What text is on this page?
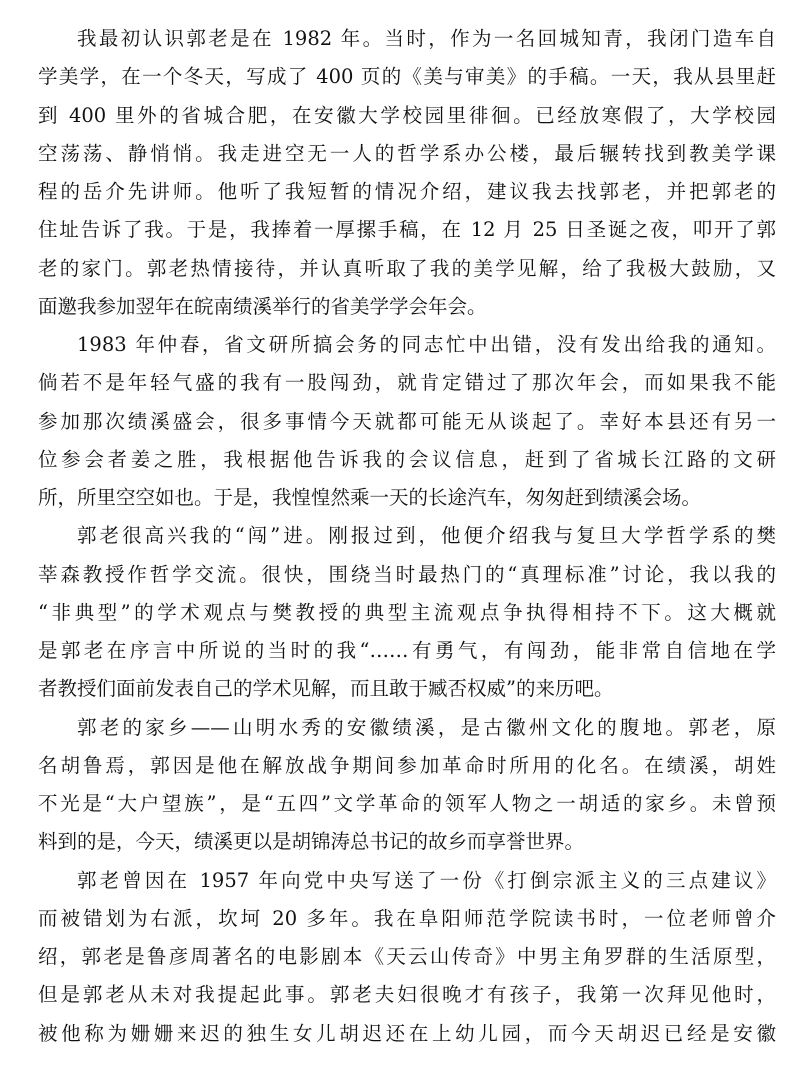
我最初认识郭老是在 1982 年。当时，作为一名回城知青，我闭门造车自
学美学，在一个冬天，写成了 400 页的《美与审美》的手稿。一天，我从县里赶
到 400 里外的省城合肥，在安徽大学校园里徘徊。已经放寒假了，大学校园
空荡荡、静悄悄。我走进空无一人的哲学系办公楼，最后辗转找到教美学课
程的岳介先讲师。他听了我短暂的情况介绍，建议我去找郭老，并把郭老的
住址告诉了我。于是，我捧着一厚摞手稿，在 12 月 25 日圣诞之夜，叩开了郭
老的家门。郭老热情接待，并认真听取了我的美学见解，给了我极大鼓励，又
面邀我参加翌年在皖南绩溪举行的省美学学会年会。
1983 年仲春，省文研所搞会务的同志忙中出错，没有发出给我的通知。
倘若不是年轻气盛的我有一股闯劲，就肯定错过了那次年会，而如果我不能
参加那次绩溪盛会，很多事情今天就都可能无从谈起了。幸好本县还有另一
位参会者姜之胜，我根据他告诉我的会议信息，赶到了省城长江路的文研
所，所里空空如也。于是，我惶惶然乘一天的长途汽车，匆匆赶到绩溪会场。
郭老很高兴我的“闯”进。刚报过到，他便介绍我与复旦大学哲学系的樊
莘森教授作哲学交流。很快，围绕当时最热门的“真理标准”讨论，我以我的
“非典型”的学术观点与樊教授的典型主流观点争执得相持不下。这大概就
是郭老在序言中所说的当时的我“……有勇气，有闯劲，能非常自信地在学
者教授们面前发表自己的学术见解，而且敢于臧否权威”的来历吧。
郭老的家乡——山明水秀的安徽绩溪，是古徽州文化的腹地。郭老，原
名胡鲁焉，郭因是他在解放战争期间参加革命时所用的化名。在绩溪，胡姓
不光是“大户望族”，是“五四”文学革命的领军人物之一胡适的家乡。未曾预
料到的是，今天，绩溪更以是胡锦涛总书记的故乡而享誉世界。
郭老曾因在 1957 年向党中央写送了一份《打倒宗派主义的三点建议》
而被错划为右派，坎坷 20 多年。我在阜阳师范学院读书时，一位老师曾介
绍，郭老是鲁彦周著名的电影剧本《天云山传奇》中男主角罗群的生活原型，
但是郭老从未对我提起此事。郭老夫妇很晚才有孩子，我第一次拜见他时，
被他称为姗姗来迟的独生女儿胡迟还在上幼儿园，而今天胡迟已经是安徽
